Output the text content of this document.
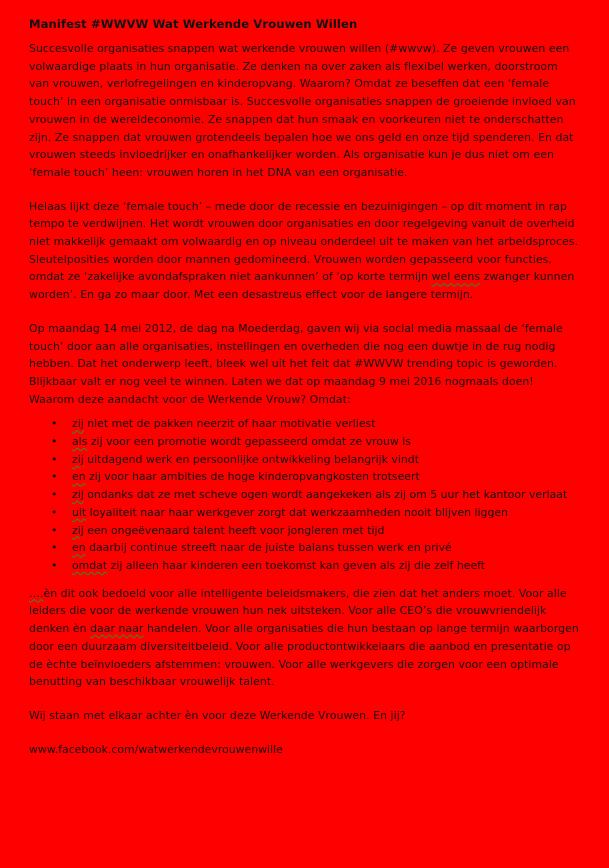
Manifest #WWVW Wat Werkende Vrouwen Willen

Succesvolle organisaties snappen wat werkende vrouwen willen (#wwvw). Ze geven vrouwen een volwaardige plaats in hun organisatie. Ze denken na over zaken als flexibel werken, doorstroom van vrouwen, verlofregelingen en kinderopvang. Waarom? Omdat ze beseffen dat een ‘female touch’ in een organisatie onmisbaar is. Succesvolle organisaties snappen de groeiende invloed van vrouwen in de wereldeconomie. Ze snappen dat hun smaak en voorkeuren niet te onderschatten zijn. Ze snappen dat vrouwen grotendeels bepalen hoe we ons geld en onze tijd spenderen. En dat vrouwen steeds invloedrijker en onafhankelijker worden. Als organisatie kun je dus niet om een ‘female touch’ heen: vrouwen horen in het DNA van een organisatie.

Helaas lijkt deze ‘female touch’ – mede door de recessie en bezuinigingen – op dit moment in rap tempo te verdwijnen. Het wordt vrouwen door organisaties en door regelgeving vanuit de overheid niet makkelijk gemaakt om volwaardig en op niveau onderdeel uit te maken van het arbeidsproces. Sleutelposities worden door mannen gedomineerd. Vrouwen worden gepasseerd voor functies, omdat ze ‘zakelijke avondafspraken niet aankunnen’ of ‘op korte termijn wel eens zwanger kunnen worden’. En ga zo maar door. Met een desastreus effect voor de langere termijn.

Op maandag 14 mei 2012, de dag na Moederdag, gaven wij via social media massaal de ‘female touch’ door aan alle organisaties, instellingen en overheden die nog een duwtje in de rug nodig hebben. Dat het onderwerp leeft, bleek wel uit het feit dat #WWVW trending topic is geworden. Blijkbaar valt er nog veel te winnen. Laten we dat op maandag 9 mei 2016 nogmaals doen! Waarom deze aandacht voor de Werkende Vrouw? Omdat:

• zij niet met de pakken neerzit of haar motivatie verliest
• als zij voor een promotie wordt gepasseerd omdat ze vrouw is
• zij uitdagend werk en persoonlijke ontwikkeling belangrijk vindt
• en zij voor haar ambities de hoge kinderopvangkosten trotseert
• zij ondanks dat ze met scheve ogen wordt aangekeken als zij om 5 uur het kantoor verlaat
• uit loyaliteit naar haar werkgever zorgt dat werkzaamheden nooit blijven liggen
• zij een ongeëvenaard talent heeft voor jongleren met tijd
• en daarbij continue streeft naar de juiste balans tussen werk en privé
• omdat zij alleen haar kinderen een toekomst kan geven als zij die zelf heeft

….èn dit ook bedoeld voor alle intelligente beleidsmakers, die zien dat het anders moet. Voor alle leiders die voor de werkende vrouwen hun nek uitsteken. Voor alle CEO’s die vrouwvriendelijk denken èn daar naar handelen. Voor alle organisaties die hun bestaan op lange termijn waarborgen door een duurzaam diversiteitbeleid. Voor alle productontwikkelaars die aanbod en presentatie op de èchte beïnvloeders afstemmen: vrouwen. Voor alle werkgevers die zorgen voor een optimale benutting van beschikbaar vrouwelijk talent.

Wij staan met elkaar achter èn voor deze Werkende Vrouwen. En jij?

www.facebook.com/watwerkendevrouwenwille
